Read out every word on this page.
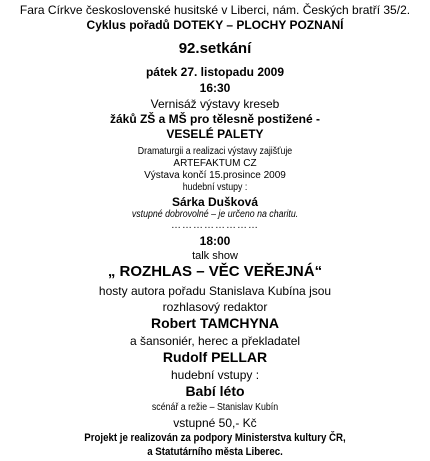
Fara Církve československé husitské v Liberci, nám. Českých bratří 35/2.
Cyklus pořadů DOTEKY – PLOCHY POZNANÍ
92.setkání
pátek 27. listopadu 2009
16:30
Vernisáž výstavy kreseb
žáků ZŠ a MŠ pro tělesně postižené -
VESELÉ PALETY
Dramaturgii a realizaci výstavy zajišťuje
ARTEFAKTUM CZ
Výstava končí 15.prosince 2009
hudební vstupy :
Sárka Dušková
vstupné dobrovolné – je určeno na charitu.
……………………
18:00
talk show
„ ROZHLAS – VĚC VEŘEJNÁ“
hosty autora pořadu Stanislava Kubína jsou
rozhlasový redaktor
Robert TAMCHYNA
a šansoniér, herec a překladatel
Rudolf PELLAR
hudební vstupy :
Babí léto
scénář a režie – Stanislav Kubín
vstupné 50,- Kč
Projekt je realizován za podpory Ministerstva kultury ČR,
a Statutárního města Liberec.
